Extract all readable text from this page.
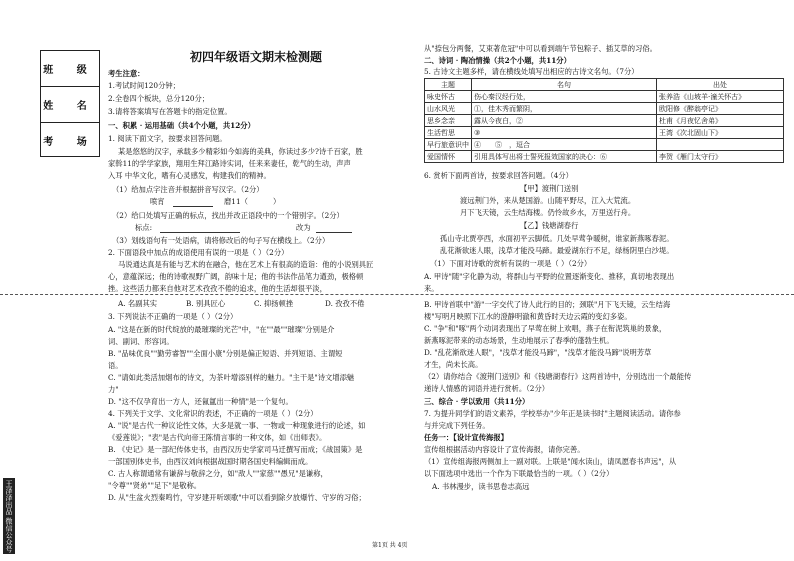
班 级
姓 名
考 场
王泽泽出品 微信公众号
初四年级语文期末检测题
考生注意：
1.考试时间120分钟；
2.全卷四个板块，总分120分；
3.请将答案填写在答题卡的指定位置。
一、积累 · 运用基础（共4个小题，共12分）
1. 阅读下面文字，按要求回答问题。
某是悠悠的汉字，承载多少精彩如今如海的美典，你读过多少?诗千百家，胜
家斡11的学学家族，翔用生拜江路诗实词，任来来妻任，乾气的生动，声声
入耳 中华文化，嗜有心灵感发，构建我们的精神。
（1）给加点字注音并根据拼音写汉字。（2分）
喷宵	磨11（	）
（2）给口处填写正确的标点，找出并改正语段中的一个错别字。（2分）
标点:	改为
（3）划线语句有一处语病，请将修改后的句子写在横线上。（2分）
2. 下面语段中加点的成语使用有误的一项是（ ）（2分）
马说通达真是有能与艺术的在融合，他在艺术上有很高的造诣：他的小说别具匠
心，意蕴深远；他的诗歌视野广阔，韵味十足；他的书法作品笔力遒劲，极格顿
挫。这些活力都来自他对艺术孜孜不倦的追求，他的生活却很平淡，
A. 名副其实	B. 别具匠心	C. 抑扬顿挫	D. 孜孜不倦
3. 下列说法不正确的一项是（ ）（2分）
A. "这是在新的时代绽放的最璀璨的光芒"中，"在""最""璀璨"分别是介
词、副词、形容词。
B. "品味优良""勤劳睿智""全面小康"分别是偏正短语、并列短语、主谓短
语。
C. "请如此类活加烟布的诗文，为茶叶增添别样的魅力。"主干是"诗文增添魅
力"
D. "这不仅孕育出一方人，还氤氲出一种情"是一个复句。
4. 下列关于文学、文化常识的表述，不正确的一项是（ ）（2分）
A. "说"是古代一种议论性文体，大多是就一事、一物或一种现象进行的论述，如
《爱莲说》；"表"是古代向帝王陈情言事的一种文体，如《出师表》。
B. 《史记》是一部纪传体史书，由西汉历史学家司马迁撰写而成；《战国策》是
一部国别体史书，由西汉刘向根据战国时期各国史料编辑而成。
C. 古人称谓通常有谦辞与敬辞之分，如"敌人""家慈""愚兄"是谦称，
"令尊""贤弟""足下"是敬称。
D. 从"生盆火烈秦鸣竹，守岁建开听颂歌"中可以看到除夕放爆竹、守岁的习俗；
从"捺包分两餐，艾束著危冠"中可以看到端午节包粽子、插艾草的习俗。
二、诗词 · 陶冶情操（共2个小题，共11分）
5. 古诗文主题多样，请在横线处填写出相应的古诗文名句。（7分）
主题	名句	出处
咏史怀古	伤心秦汉经行处，	张养浩《山坡羊·潼关怀古》
山水风光	①，佳木秀而繁阴，	欧阳修《醉翁亭记》
思乡念亲	露从今夜白，②	杜甫《月夜忆舍弟》
生活哲思	③	王湾《次北固山下》
早行旅意识中	④　　 ⑤　 ，逗合	
爱国情怀	引用具体写出将士誓死报效国家的决心：⑥	李贺《雁门太守行》
6. 赏析下面两首诗，按要求回答问题。（4分）
【甲】渡荆门送别
渡远荆门外，来从楚国游。山随平野尽，江入大荒流。
月下飞天镜，云生结海楼。仍怜故乡水，万里送行舟。
【乙】钱塘湖春行
孤山寺北贾亭西，水面初平云脚低。几处早莺争暖树，谁家新燕啄春泥。
乱花渐欲迷人眼，浅草才能没马蹄。最爱湖东行不足，绿杨阴里白沙堤。
（1）下面对诗歌的赏析有误的一项是（ ）（2分）
A. 甲诗"随"字化静为动，将群山与平野的位置逐渐变化、推移，真切地表现出
来。
B. 甲诗首联中"游"一字交代了诗人此行的目的；颈联"月下飞天镜，云生结海
楼"写明月映照下江水的澄静明澈和黄昏时天边云霞的变幻多姿。
C. "争"和"啄"两个动词表现出了早莺在树上欢唱，燕子在衔泥筑巢的景象，
新燕啄泥带来的动态场景，生动地展示了春季的蓬勃生机。
D. "乱花渐欲迷人眼"，"浅草才能没马蹄"，"浅草才能没马蹄"说明芳草
才生，尚未长高。
（2）请你结合《渡荆门送别》和《钱塘湖春行》这两首诗中，分别选出一个最能传
递诗人情感的词语并进行赏析。（2分）
三、综合 · 学以致用（共11分）
7. 为提升同学们的语文素养，学校举办"少年正是读书时"主题阅读活动。请你参
与并完成下列任务。
任务一：【设计宣传海报】
宣传组根据活动内容设计了宣传海报，请你完善。
（1）宣传组海报两侧加上一副对联。上联是"闻水读山，请凤愿春书声远"，从
以下面选项中选出一个作为下联最恰当的一项。（ ）（2分）
A. 书林漫步，读书思卷志高远
第1页 共 4页
